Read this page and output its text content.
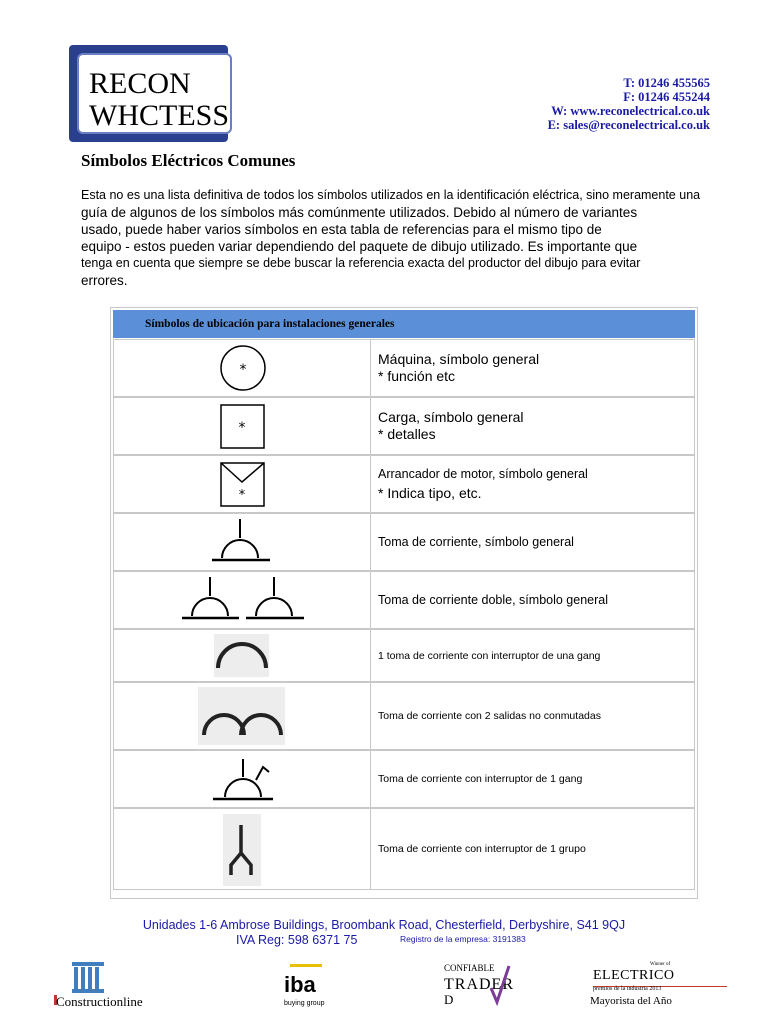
RECON
WHCTESS
T: 01246 455565
F: 01246 455244
W: www.reconelectrical.co.uk
E: sales@reconelectrical.co.uk
Símbolos Eléctricos Comunes
Esta no es una lista definitiva de todos los símbolos utilizados en la identificación eléctrica, sino meramente una
guía de algunos de los símbolos más comúnmente utilizados. Debido al número de variantes
usado, puede haber varios símbolos en esta tabla de referencias para el mismo tipo de
equipo - estos pueden variar dependiendo del paquete de dibujo utilizado. Es importante que
tenga en cuenta que siempre se debe buscar la referencia exacta del productor del dibujo para evitar
errores.
Símbolos de ubicación para instalaciones generales
*
Máquina, símbolo general
* función etc
*
Carga, símbolo general
* detalles
*
Arrancador de motor, símbolo general
* Indica tipo, etc.
Toma de corriente, símbolo general
Toma de corriente doble, símbolo general
1 toma de corriente con interruptor de una gang
Toma de corriente con 2 salidas no conmutadas
Toma de corriente con interruptor de 1 gang
Toma de corriente con interruptor de 1 grupo
Unidades 1-6 Ambrose Buildings, Broombank Road, Chesterfield, Derbyshire, S41 9QJ
IVA Reg: 598 6371 75	Registro de la empresa: 3191383
Constructionline
iba
buying group
CONFIABLE
TRADER
D
Winner of
ELECTRICO
premios de la industria 2013
Mayorista del Año
